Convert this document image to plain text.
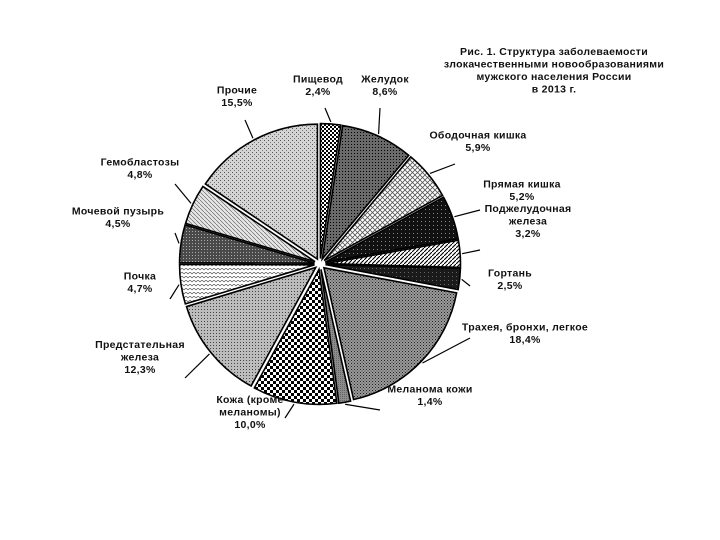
Пищевод 2,4%
Желудок 8,6%
Ободочная кишка 5,9%
Прямая кишка 5,2%
Поджелудочная железа 3,2%
Гортань 2,5%
Трахея, бронхи, легкое 18,4%
Меланома кожи 1,4%
Кожа (кроме меланомы) 10,0%
Предстательная железа 12,3%
Почка 4,7%
Мочевой пузырь 4,5%
Гемобластозы 4,8%
Прочие 15,5%
Рис. 1. Структура заболеваемости злокачественными новообразованиями мужского населения России в 2013 г.
